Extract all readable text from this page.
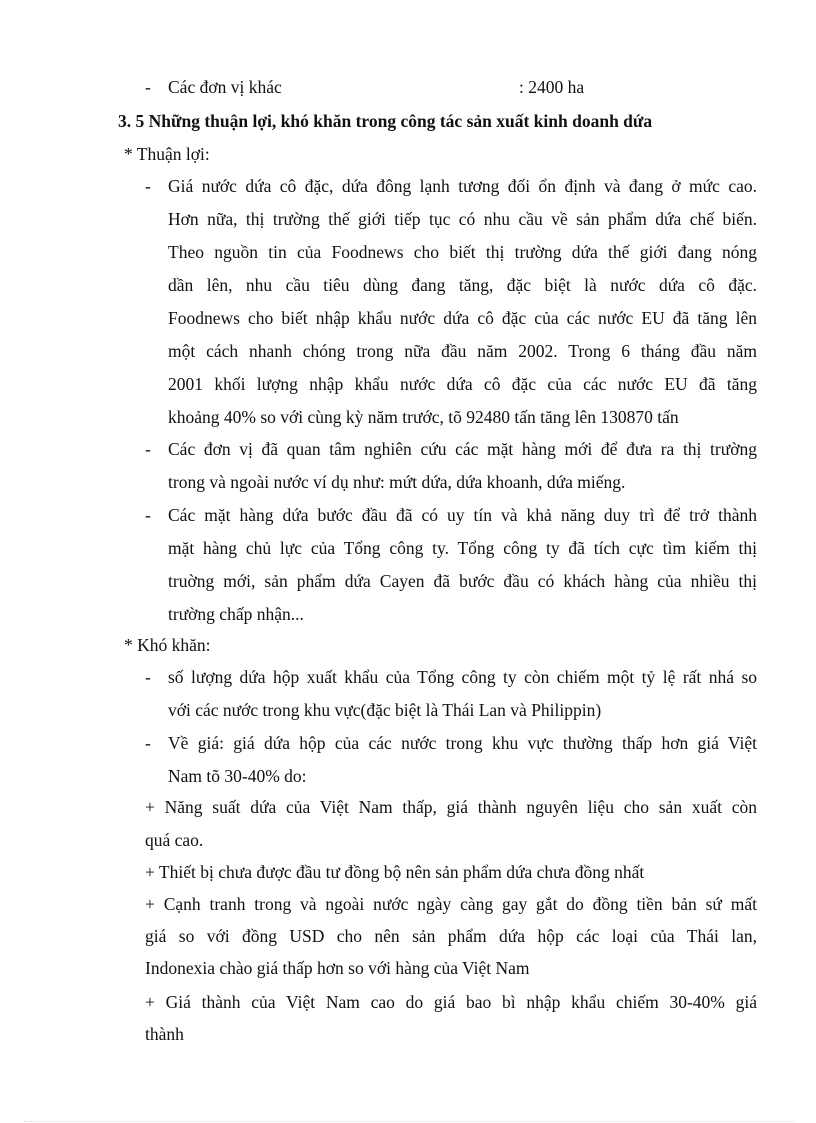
- Các đơn vị khác	: 2400 ha
3. 5 Những thuận lợi, khó khăn trong công tác sản xuất kinh doanh dứa
* Thuận lợi:
- Giá nước dứa cô đặc, dứa đông lạnh tương đối ổn định và đang ở mức cao.
Hơn nữa, thị trường thế giới tiếp tục có nhu cầu về sản phẩm dứa chế biến.
Theo nguồn tin của Foodnews cho biết thị trường dứa thế giới đang nóng
dần lên, nhu cầu tiêu dùng đang tăng, đặc biệt là nước dứa cô đặc.
Foodnews cho biết nhập khẩu nước dứa cô đặc của các nước EU đã tăng lên
một cách nhanh chóng trong nữa đầu năm 2002. Trong 6 tháng đầu năm
2001 khối lượng nhập khẩu nước dứa cô đặc của các nước EU đã tăng
khoảng 40% so với cùng kỳ năm trước, tõ 92480 tấn tăng lên 130870 tấn
- Các đơn vị đã quan tâm nghiên cứu các mặt hàng mới để đưa ra thị trường
trong và ngoài nước ví dụ như: mứt dứa, dứa khoanh, dứa miếng.
- Các mặt hàng dứa bước đầu đã có uy tín và khả năng duy trì để trở thành
mặt hàng chủ lực của Tổng công ty. Tổng công ty đã tích cực tìm kiếm thị
truờng mới, sản phẩm dứa Cayen đã bước đầu có khách hàng của nhiều thị
trường chấp nhận...
* Khó khăn:
- số lượng dứa hộp xuất khẩu của Tổng công ty còn chiếm một tỷ lệ rất nhá so
với các nước trong khu vực(đặc biệt là Thái Lan và Philippin)
- Về giá: giá dứa hộp của các nước trong khu vực thường thấp hơn giá Việt
Nam tõ 30-40% do:
+ Năng suất dứa của Việt Nam thấp, giá thành nguyên liệu cho sản xuất còn
quá cao.
+ Thiết bị chưa được đầu tư đồng bộ nên sản phẩm dứa chưa đồng nhất
+ Cạnh tranh trong và ngoài nước ngày càng gay gắt do đồng tiền bản sứ mất
giá so với đồng USD cho nên sản phẩm dứa hộp các loại của Thái lan,
Indonexia chào giá thấp hơn so với hàng của Việt Nam
+ Giá thành của Việt Nam cao do giá bao bì nhập khẩu chiếm 30-40% giá
thành
